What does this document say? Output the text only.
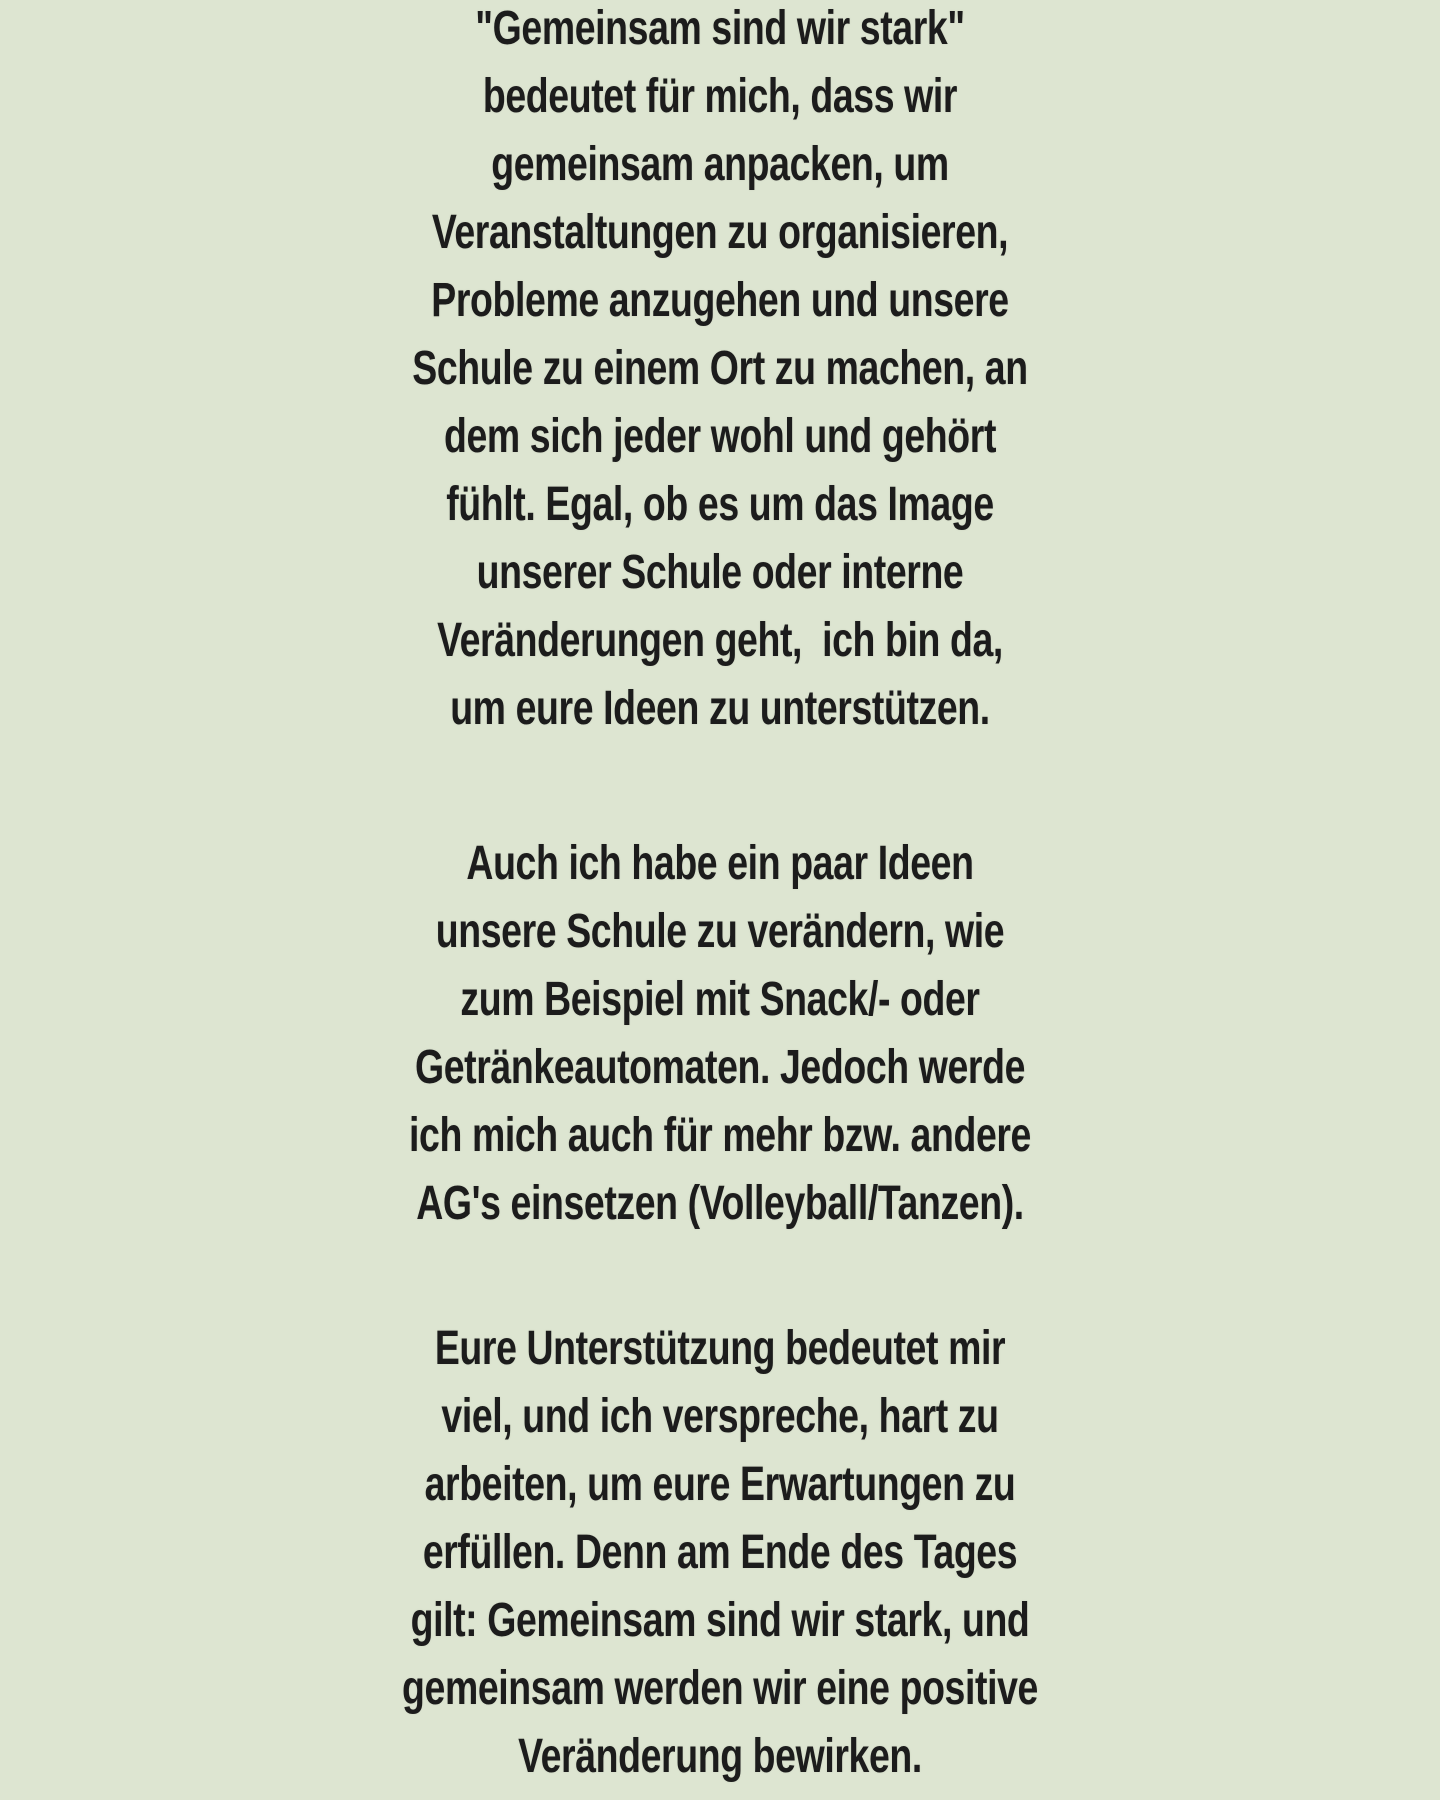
"Gemeinsam sind wir stark"
bedeutet für mich, dass wir
gemeinsam anpacken, um
Veranstaltungen zu organisieren,
Probleme anzugehen und unsere
Schule zu einem Ort zu machen, an
dem sich jeder wohl und gehört
fühlt. Egal, ob es um das Image
unserer Schule oder interne
Veränderungen geht,  ich bin da,
um eure Ideen zu unterstützen.

Auch ich habe ein paar Ideen
unsere Schule zu verändern, wie
zum Beispiel mit Snack/- oder
Getränkeautomaten. Jedoch werde
ich mich auch für mehr bzw. andere
AG's einsetzen (Volleyball/Tanzen).

Eure Unterstützung bedeutet mir
viel, und ich verspreche, hart zu
arbeiten, um eure Erwartungen zu
erfüllen. Denn am Ende des Tages
gilt: Gemeinsam sind wir stark, und
gemeinsam werden wir eine positive
Veränderung bewirken.
